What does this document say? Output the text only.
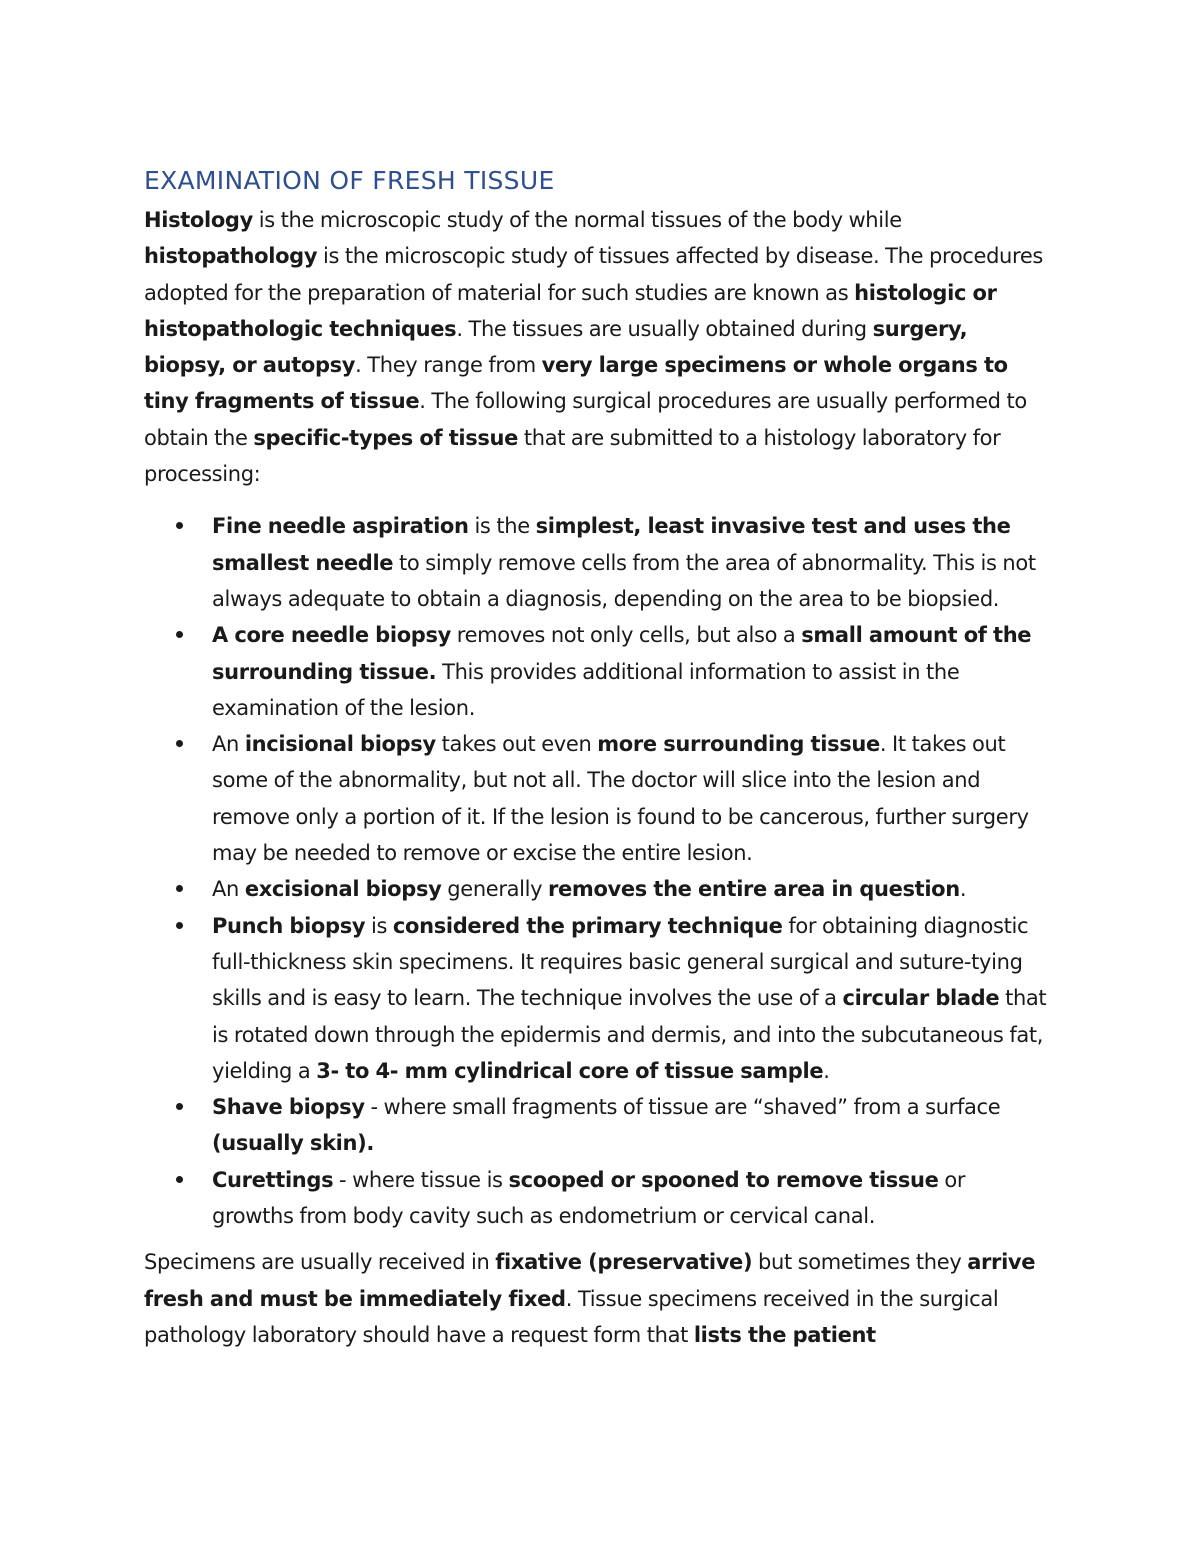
EXAMINATION OF FRESH TISSUE

Histology is the microscopic study of the normal tissues of the body while histopathology is the microscopic study of tissues affected by disease. The procedures adopted for the preparation of material for such studies are known as histologic or histopathologic techniques. The tissues are usually obtained during surgery, biopsy, or autopsy. They range from very large specimens or whole organs to tiny fragments of tissue. The following surgical procedures are usually performed to obtain the specific-types of tissue that are submitted to a histology laboratory for processing:

Fine needle aspiration is the simplest, least invasive test and uses the smallest needle to simply remove cells from the area of abnormality. This is not always adequate to obtain a diagnosis, depending on the area to be biopsied.

A core needle biopsy removes not only cells, but also a small amount of the surrounding tissue. This provides additional information to assist in the examination of the lesion.

An incisional biopsy takes out even more surrounding tissue. It takes out some of the abnormality, but not all. The doctor will slice into the lesion and remove only a portion of it. If the lesion is found to be cancerous, further surgery may be needed to remove or excise the entire lesion.

An excisional biopsy generally removes the entire area in question.

Punch biopsy is considered the primary technique for obtaining diagnostic full-thickness skin specimens. It requires basic general surgical and suture-tying skills and is easy to learn. The technique involves the use of a circular blade that is rotated down through the epidermis and dermis, and into the subcutaneous fat, yielding a 3- to 4- mm cylindrical core of tissue sample.

Shave biopsy - where small fragments of tissue are “shaved” from a surface (usually skin).

Curettings - where tissue is scooped or spooned to remove tissue or growths from body cavity such as endometrium or cervical canal.

Specimens are usually received in fixative (preservative) but sometimes they arrive fresh and must be immediately fixed. Tissue specimens received in the surgical pathology laboratory should have a request form that lists the patient
